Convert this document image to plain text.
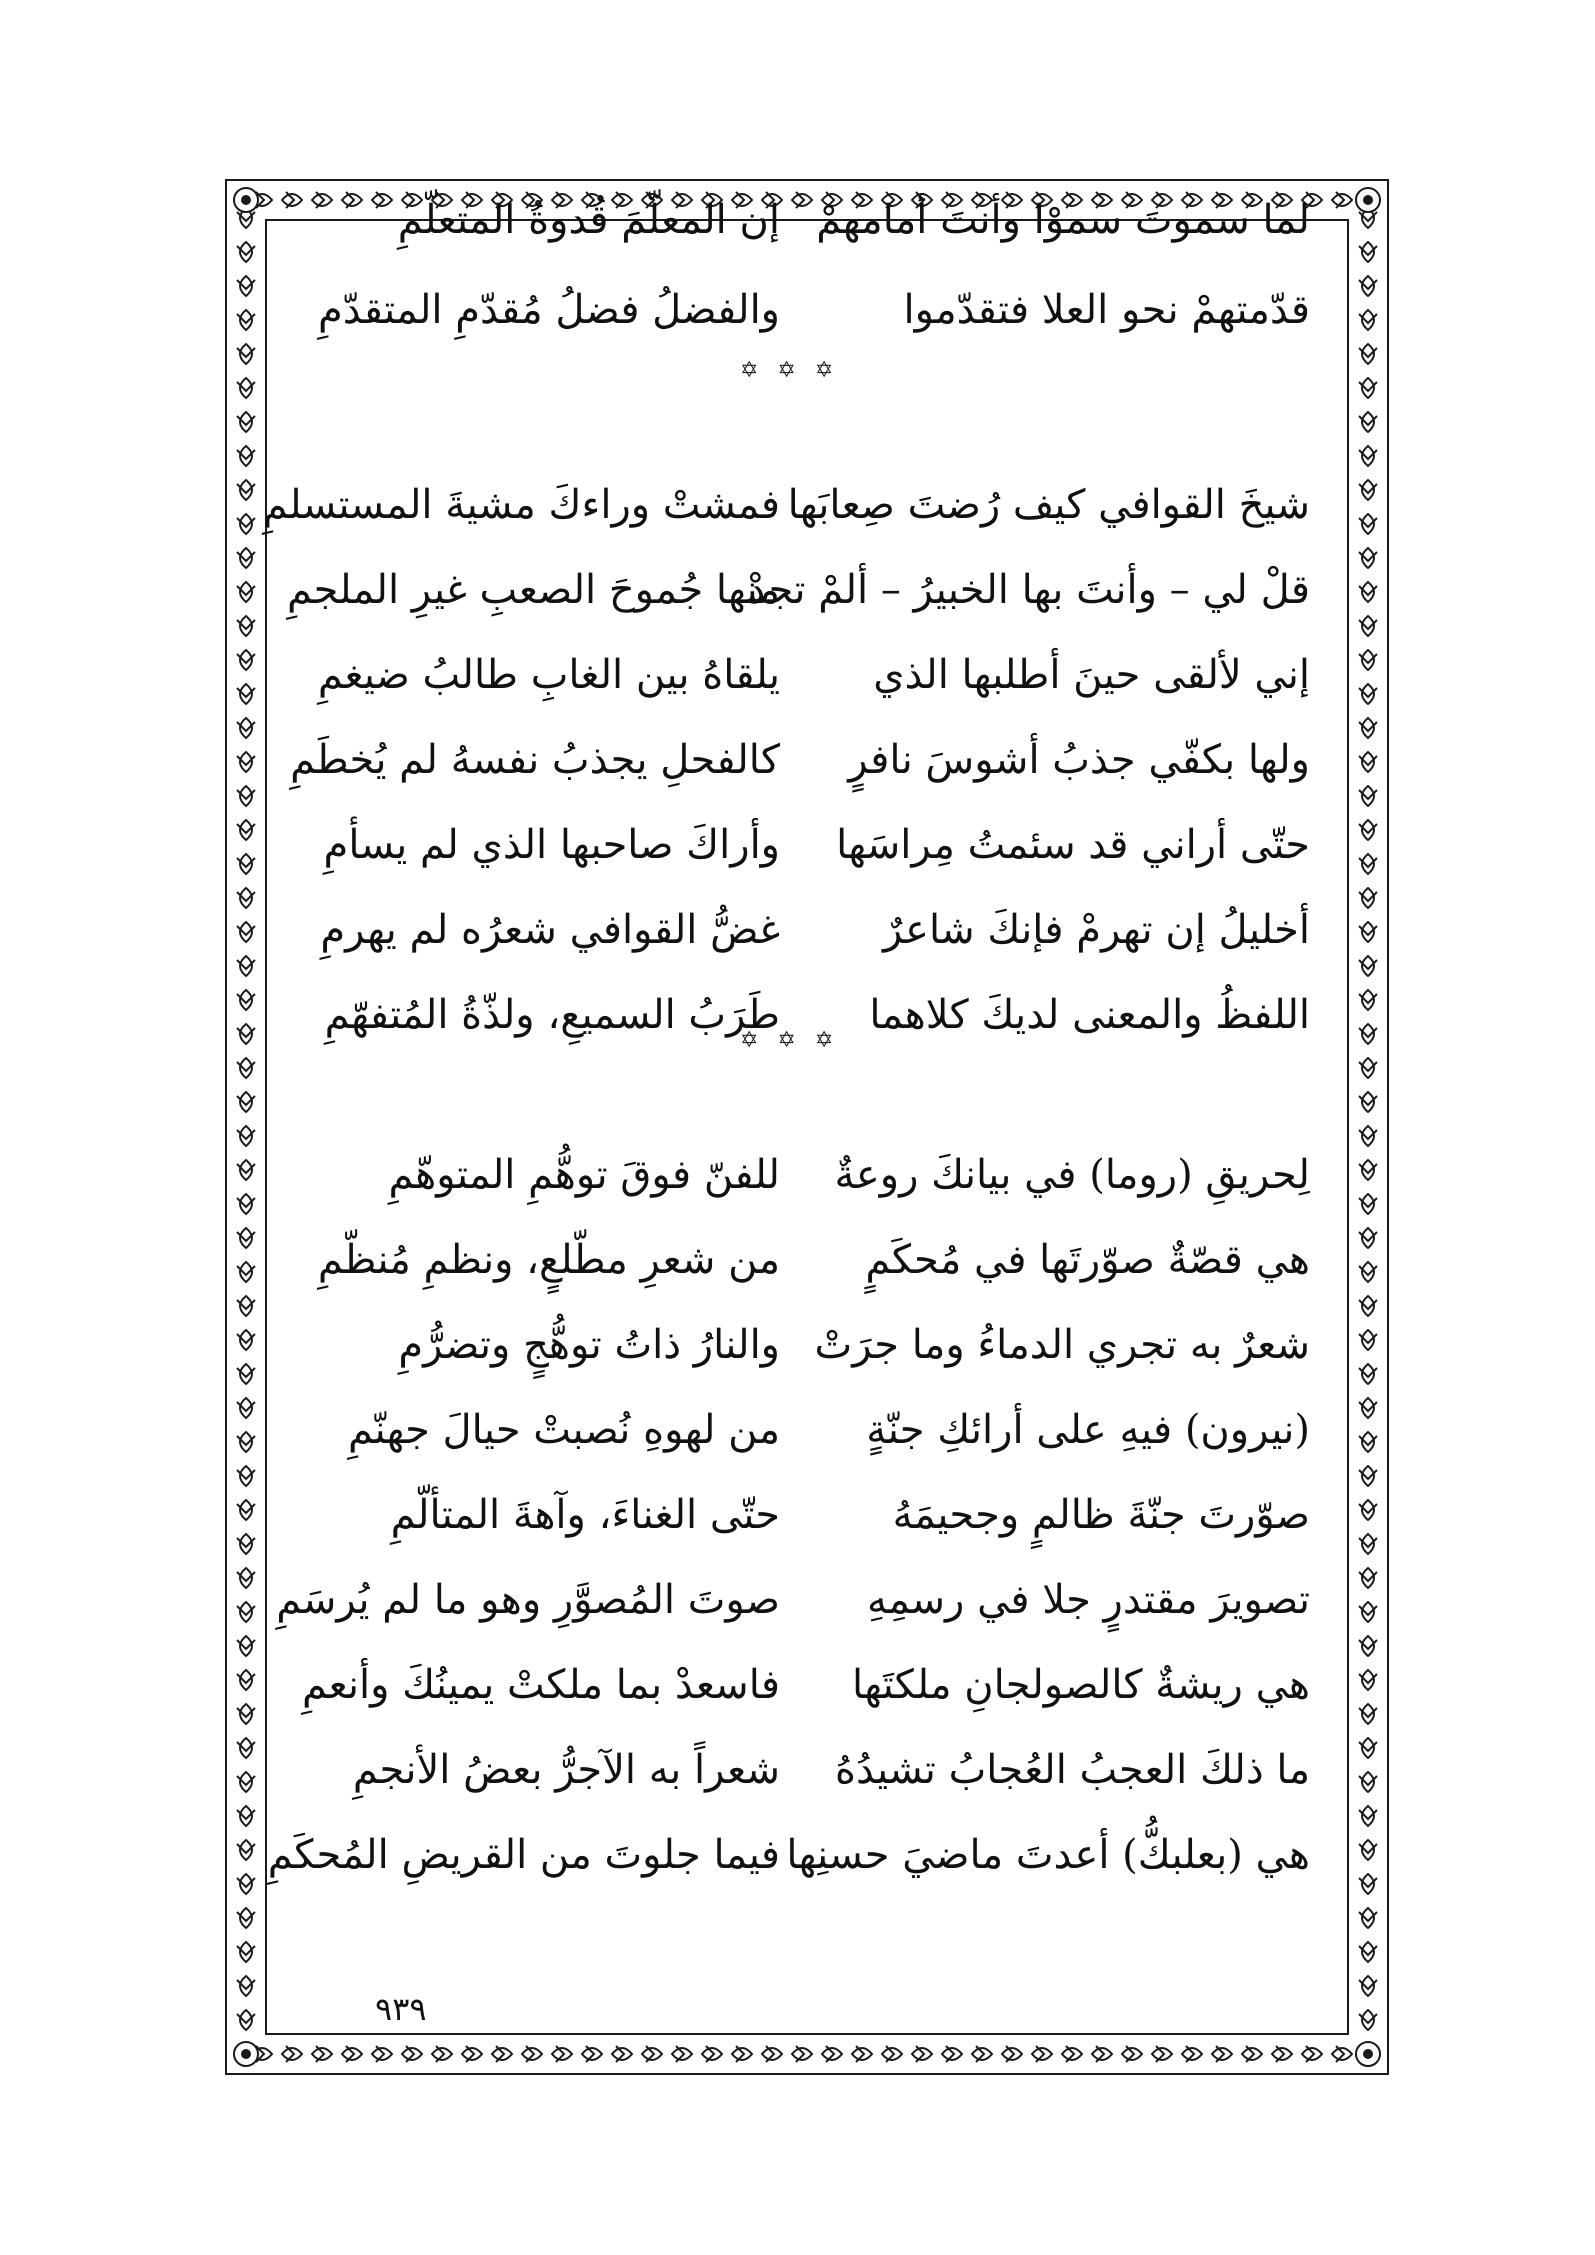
لما سموتَ سموْا وأنتَ أمامهمْ
إن المعلّمَ قُدوةُ المتعلّمِ
قدّمتهمْ نحو العلا فتقدّموا
والفضلُ فضلُ مُقدّمِ المتقدّمِ
✡ ✡ ✡
شيخَ القوافي كيف رُضتَ صِعابَها
فمشتْ وراءكَ مشيةَ المستسلمِ
قلْ لي – وأنتَ بها الخبيرُ – ألمْ تجدْ
منها جُموحَ الصعبِ غيرِ الملجمِ
إني لألقى حينَ أطلبها الذي
يلقاهُ بين الغابِ طالبُ ضيغمِ
ولها بكفّي جذبُ أشوسَ نافرٍ
كالفحلِ يجذبُ نفسهُ لم يُخطَمِ
حتّى أراني قد سئمتُ مِراسَها
وأراكَ صاحبها الذي لم يسأمِ
أخليلُ إن تهرمْ فإنكَ شاعرٌ
غضُّ القوافي شعرُه لم يهرمِ
اللفظُ والمعنى لديكَ كلاهما
طَرَبُ السميعِ، ولذّةُ المُتفهّمِ
✡ ✡ ✡
لِحريقِ (روما) في بيانكَ روعةٌ
للفنّ فوقَ توهُّمِ المتوهّمِ
هي قصّةٌ صوّرتَها في مُحكَمٍ
من شعرِ مطّلعٍ، ونظمِ مُنظّمِ
شعرٌ به تجري الدماءُ وما جرَتْ
والنارُ ذاتُ توهُّجٍ وتضرُّمِ
(نيرون) فيهِ على أرائكِ جنّةٍ
من لهوهِ نُصبتْ حيالَ جهنّمِ
صوّرتَ جنّةَ ظالمٍ وجحيمَهُ
حتّى الغناءَ، وآهةَ المتألّمِ
تصويرَ مقتدرٍ جلا في رسمِهِ
صوتَ المُصوَّرِ وهو ما لم يُرسَمِ
هي ريشةٌ كالصولجانِ ملكتَها
فاسعدْ بما ملكتْ يمينُكَ وأنعمِ
ما ذلكَ العجبُ العُجابُ تشيدُهُ
شعراً به الآجرُّ بعضُ الأنجمِ
هي (بعلبكُّ) أعدتَ ماضيَ حسنِها
فيما جلوتَ من القريضِ المُحكَمِ
٩٣٩
